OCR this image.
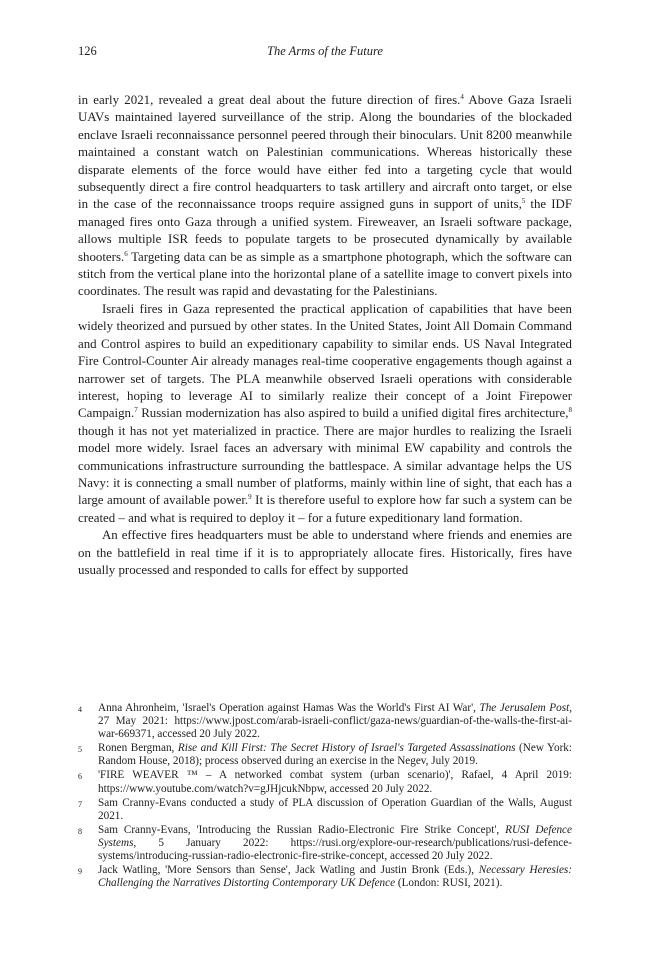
126	The Arms of the Future

in early 2021, revealed a great deal about the future direction of fires.$^4$ Above Gaza Israeli UAVs maintained layered surveillance of the strip. Along the boundaries of the blockaded enclave Israeli reconnaissance personnel peered through their binoculars. Unit 8200 meanwhile maintained a constant watch on Palestinian communications. Whereas historically these disparate elements of the force would have either fed into a targeting cycle that would subsequently direct a fire control headquarters to task artillery and aircraft onto target, or else in the case of the reconnaissance troops require assigned guns in support of units,$^5$ the IDF managed fires onto Gaza through a unified system. Fireweaver, an Israeli software package, allows multiple ISR feeds to populate targets to be prosecuted dynamically by available shooters.$^6$ Targeting data can be as simple as a smartphone photograph, which the software can stitch from the vertical plane into the horizontal plane of a satellite image to convert pixels into coordinates. The result was rapid and devastating for the Palestinians.

Israeli fires in Gaza represented the practical application of capabilities that have been widely theorized and pursued by other states. In the United States, Joint All Domain Command and Control aspires to build an expeditionary capability to similar ends. US Naval Integrated Fire Control-Counter Air already manages real-time cooperative engagements though against a narrower set of targets. The PLA meanwhile observed Israeli operations with considerable interest, hoping to leverage AI to similarly realize their concept of a Joint Firepower Campaign.$^7$ Russian modernization has also aspired to build a unified digital fires architecture,$^8$ though it has not yet materialized in practice. There are major hurdles to realizing the Israeli model more widely. Israel faces an adversary with minimal EW capability and controls the communications infrastructure surrounding the battlespace. A similar advantage helps the US Navy: it is connecting a small number of platforms, mainly within line of sight, that each has a large amount of available power.$^9$ It is therefore useful to explore how far such a system can be created – and what is required to deploy it – for a future expeditionary land formation.

An effective fires headquarters must be able to understand where friends and enemies are on the battlefield in real time if it is to appropriately allocate fires. Historically, fires have usually processed and responded to calls for effect by supported

4	Anna Ahronheim, 'Israel's Operation against Hamas Was the World's First AI War', The Jerusalem Post, 27 May 2021: https://www.jpost.com/arab-israeli-conflict/gaza-news/guardian-of-the-walls-the-first-ai-war-669371, accessed 20 July 2022.
5	Ronen Bergman, Rise and Kill First: The Secret History of Israel's Targeted Assassinations (New York: Random House, 2018); process observed during an exercise in the Negev, July 2019.
6	'FIRE WEAVER ™ – A networked combat system (urban scenario)', Rafael, 4 April 2019: https://www.youtube.com/watch?v=gJHjcukNbpw, accessed 20 July 2022.
7	Sam Cranny-Evans conducted a study of PLA discussion of Operation Guardian of the Walls, August 2021.
8	Sam Cranny-Evans, 'Introducing the Russian Radio-Electronic Fire Strike Concept', RUSI Defence Systems, 5 January 2022: https://rusi.org/explore-our-research/publications/rusi-defence-systems/introducing-russian-radio-electronic-fire-strike-concept, accessed 20 July 2022.
9	Jack Watling, 'More Sensors than Sense', Jack Watling and Justin Bronk (Eds.), Necessary Heresies: Challenging the Narratives Distorting Contemporary UK Defence (London: RUSI, 2021).
